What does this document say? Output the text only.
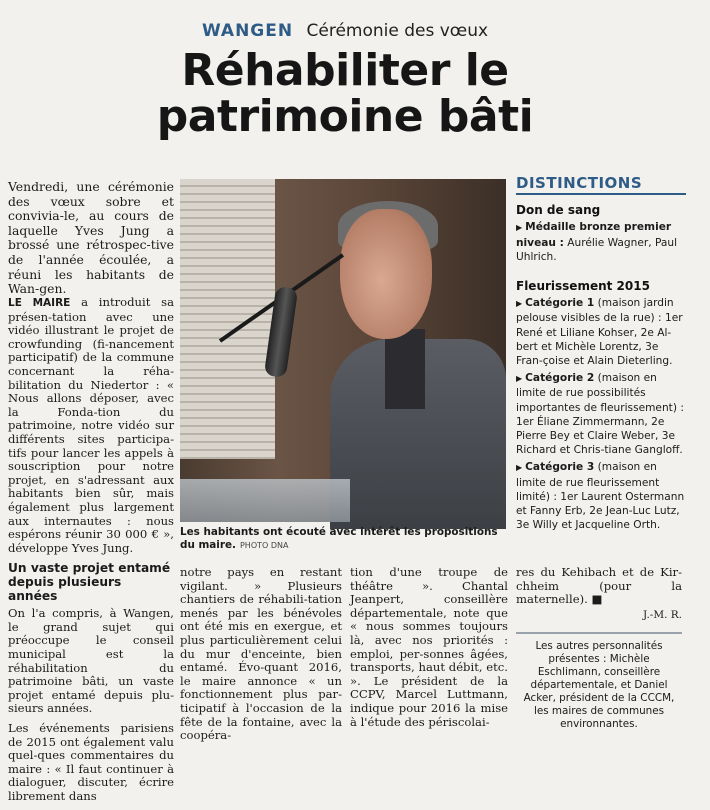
WANGEN Cérémonie des vœux
Réhabiliter le
patrimoine bâti

Vendredi, une cérémonie des vœux sobre et convivia-le, au cours de laquelle Yves Jung a brossé une rétrospec-tive de l'année écoulée, a réuni les habitants de Wan-gen.

LE MAIRE a introduit sa présen-tation avec une vidéo illustrant le projet de crowfunding (fi-nancement participatif) de la commune concernant la réha-bilitation du Niedertor : « Nous allons déposer, avec la Fonda-tion du patrimoine, notre vidéo sur différents sites participa-tifs pour lancer les appels à souscription pour notre projet, en s'adressant aux habitants bien sûr, mais également plus largement aux internautes : nous espérons réunir 30 000 € », développe Yves Jung.

Un vaste projet entamé depuis plusieurs années

On l'a compris, à Wangen, le grand sujet qui préoccupe le conseil municipal est la réhabilitation du patrimoine bâti, un vaste projet entamé depuis plu-sieurs années.

Les événements parisiens de 2015 ont également valu quel-ques commentaires du maire : « Il faut continuer à dialoguer, discuter, écrire librement dans

Les habitants ont écouté avec intérêt les propositions du maire. PHOTO DNA

notre pays en restant vigilant. » Plusieurs chantiers de réhabili-tation menés par les bénévoles ont été mis en exergue, et plus particulièrement celui du mur d'enceinte, bien entamé. Évo-quant 2016, le maire annonce « un fonctionnement plus par-ticipatif à l'occasion de la fête de la fontaine, avec la coopéra-

tion d'une troupe de théâtre ». Chantal Jeanpert, conseillère départementale, note que « nous sommes toujours là, avec nos priorités : emploi, per-sonnes âgées, transports, haut débit, etc. ». Le président de la CCPV, Marcel Luttmann, indique pour 2016 la mise à l'étude des périscolai-

res du Kehibach et de Kir-chheim (pour la maternelle). ■

J.-M. R.
Les autres personnalités présentes : Michèle Eschlimann, conseillère départementale, et Daniel Acker, président de la CCCM, les maires de communes environnantes.
DISTINCTIONS
Don de sang
▶ Médaille bronze premier niveau : Aurélie Wagner, Paul Uhlrich.
Fleurissement 2015
▶ Catégorie 1 (maison jardin pelouse visibles de la rue) : 1er René et Liliane Kohser, 2e Al-bert et Michèle Lorentz, 3e Fran-çoise et Alain Dieterling.
▶ Catégorie 2 (maison en limite de rue possibilités importantes de fleurissement) : 1er Éliane Zimmermann, 2e Pierre Bey et Claire Weber, 3e Richard et Chris-tiane Gangloff.
▶ Catégorie 3 (maison en limite de rue fleurissement limité) : 1er Laurent Ostermann et Fanny Erb, 2e Jean-Luc Lutz, 3e Willy et Jacqueline Orth.
